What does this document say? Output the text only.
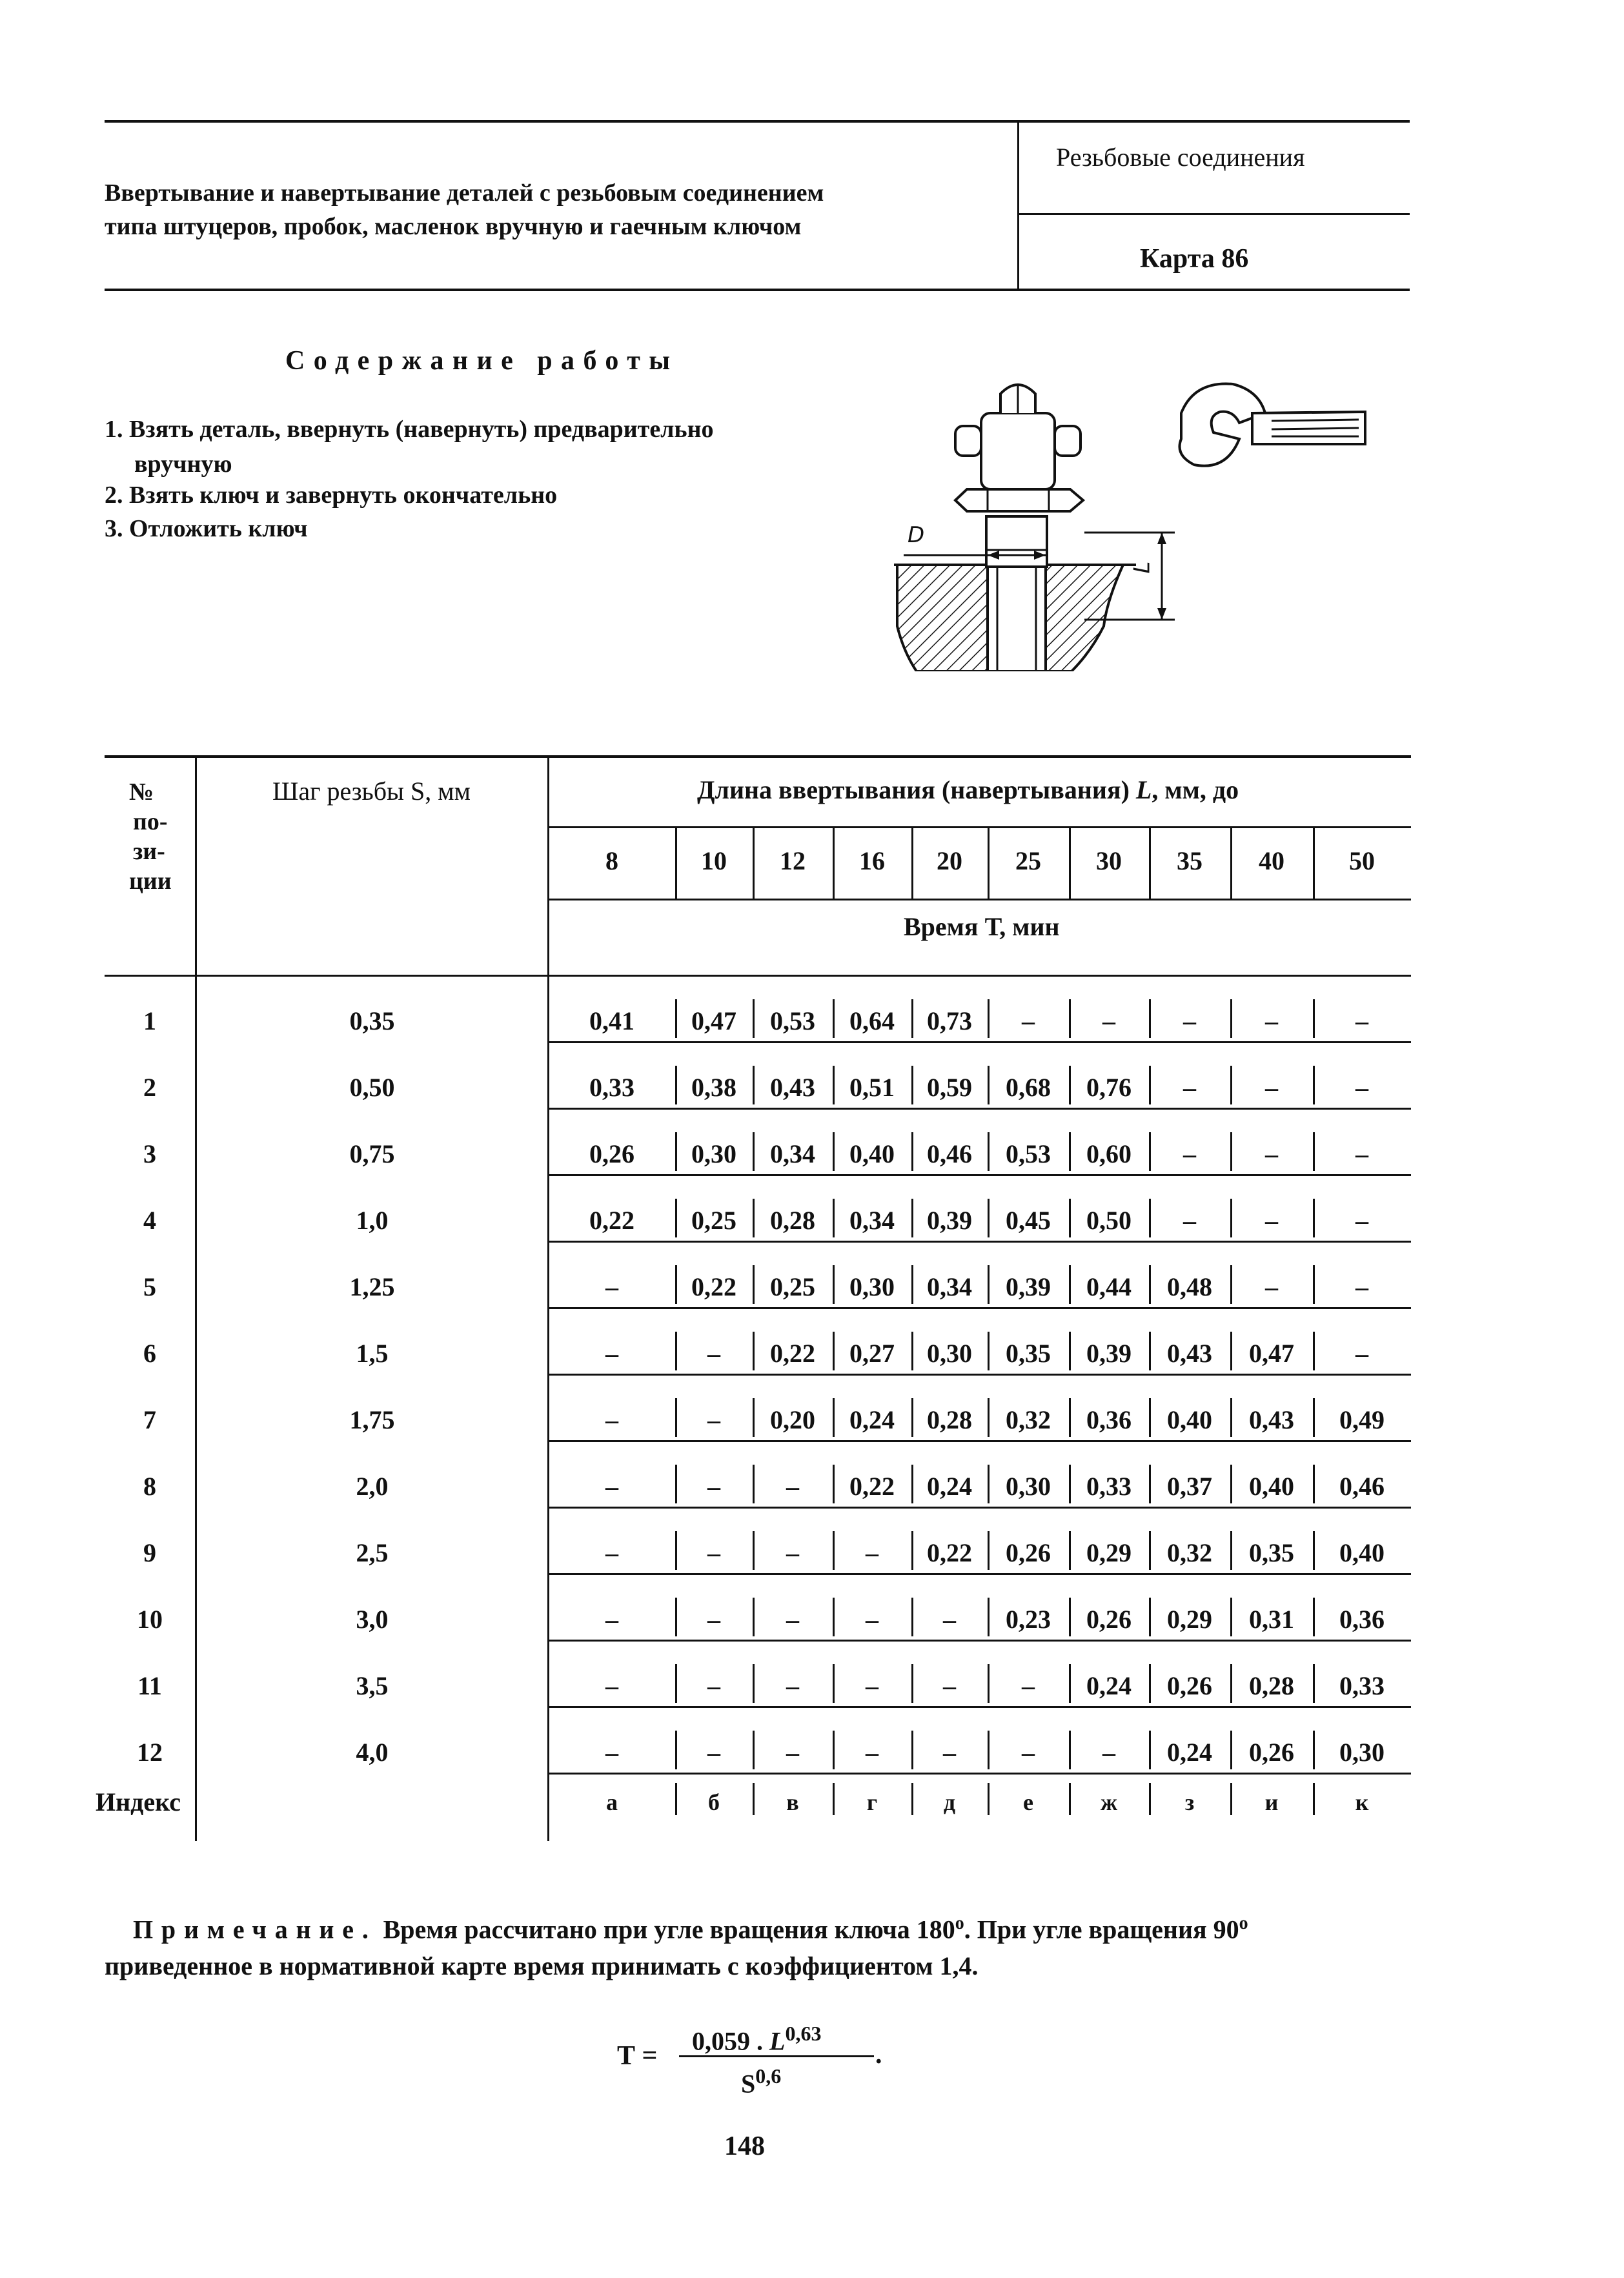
Ввертывание и навертывание деталей с резьбовым соединением
типа штуцеров, пробок, масленок вручную и гаечным ключом
Резьбовые соединения
Карта 86
Содержание работы
1. Взять деталь, ввернуть (навернуть) предварительно
вручную
2. Взять ключ и завернуть окончательно
3. Отложить ключ	D
L
№
по-
зи-
ции
Шаг резьбы S, мм	Длина ввертывания (навертывания) L, мм, до
Время Т, мин
8	10	12	16	20	25	30	35	40	50
1	0,35	0,41	0,47	0,53	0,64	0,73	–	–	–	–	–
2	0,50	0,33	0,38	0,43	0,51	0,59	0,68	0,76	–	–	–
3	0,75	0,26	0,30	0,34	0,40	0,46	0,53	0,60	–	–	–
4	1,0	0,22	0,25	0,28	0,34	0,39	0,45	0,50	–	–	–
5	1,25	–	0,22	0,25	0,30	0,34	0,39	0,44	0,48	–	–
6	1,5	–	–	0,22	0,27	0,30	0,35	0,39	0,43	0,47	–
7	1,75	–	–	0,20	0,24	0,28	0,32	0,36	0,40	0,43	0,49
8	2,0	–	–	–	0,22	0,24	0,30	0,33	0,37	0,40	0,46
9	2,5	–	–	–	–	0,22	0,26	0,29	0,32	0,35	0,40
10	3,0	–	–	–	–	–	0,23	0,26	0,29	0,31	0,36
11	3,5	–	–	–	–	–	–	0,24	0,26	0,28	0,33
12	4,0	–	–	–	–	–	–	–	0,24	0,26	0,30
Индекс	а	б	в	г	д	е	ж	з	и	к
Примечание. Время рассчитано при угле вращения ключа $180^о$. При угле вращения $90^о$
приведенное в нормативной карте время принимать с коэффициентом 1,4.
Т =
0,059 . L$^{0,63}$
S$^{0,6}$
.
148
